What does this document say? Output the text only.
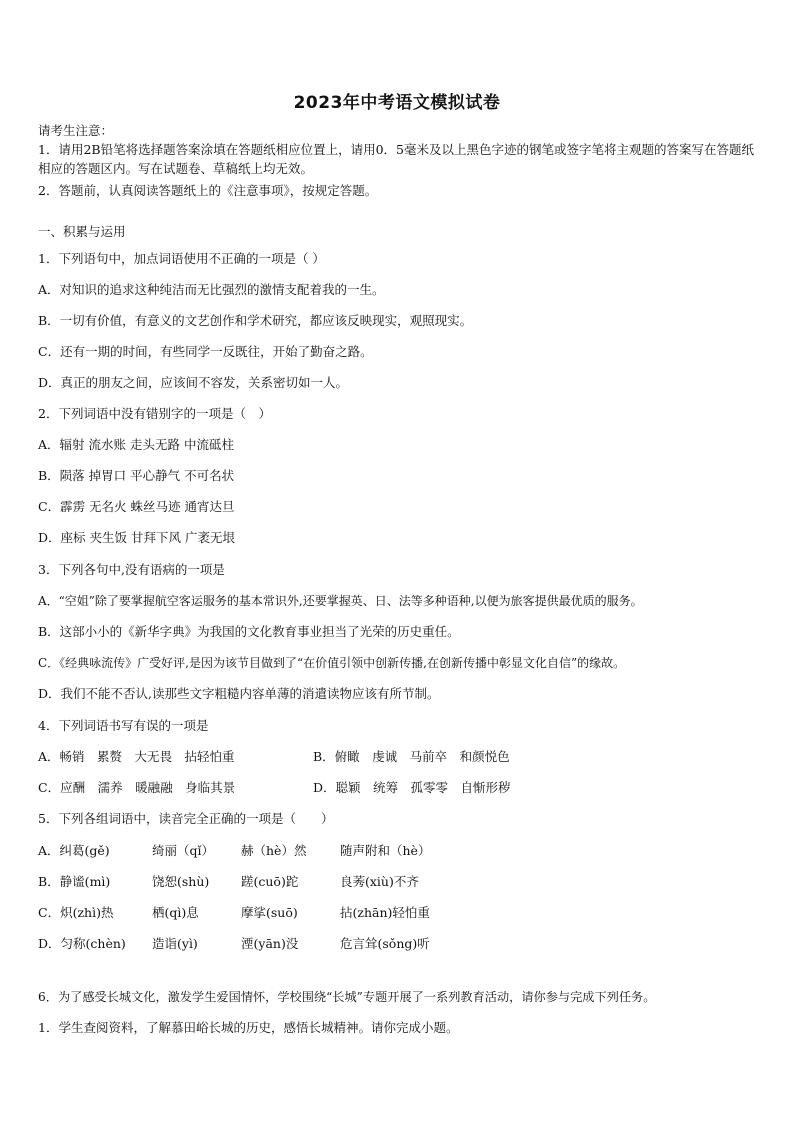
2023年中考语文模拟试卷
请考生注意：
1．请用2B铅笔将选择题答案涂填在答题纸相应位置上，请用0．5毫米及以上黑色字迹的钢笔或签字笔将主观题的答案写在答题纸相应的答题区内。写在试题卷、草稿纸上均无效。
2．答题前，认真阅读答题纸上的《注意事项》，按规定答题。
一、积累与运用
1．下列语句中，加点词语使用不正确的一项是（ ）
A．对知识的追求这种纯洁而无比强烈的激情支配着我的一生。
B．一切有价值，有意义的文艺创作和学术研究，都应该反映现实，观照现实。
C．还有一期的时间，有些同学一反既往，开始了勤奋之路。
D．真正的朋友之间，应该间不容发，关系密切如一人。
2．下列词语中没有错别字的一项是（　）
A．辐射 流水账 走头无路 中流砥柱
B．陨落 掉胃口 平心静气 不可名状
C．霹雳 无名火 蛛丝马迹 通宵达旦
D．座标 夹生饭 甘拜下风 广袤无垠
3．下列各句中,没有语病的一项是
A．“空姐”除了要掌握航空客运服务的基本常识外,还要掌握英、日、法等多种语种,以便为旅客提供最优质的服务。
B．这部小小的《新华字典》为我国的文化教育事业担当了光荣的历史重任。
C．《经典咏流传》广受好评,是因为该节目做到了“在价值引领中创新传播,在创新传播中彰显文化自信”的缘故。
D．我们不能不否认,读那些文字粗糙内容单薄的消遣读物应该有所节制。
4．下列词语书写有误的一项是
A．畅销　累赘　大无畏　拈轻怕重	B．俯瞰　虔诚　马前卒　和颜悦色
C．应酬　濡养　暖融融　身临其景	D．聪颖　统筹　孤零零　自惭形秽
5．下列各组词语中，读音完全正确的一项是（　　）
A．纠葛(gě)	绮丽（qǐ） 赫（hè）然	随声附和（hè）
B．静谧(mì)	饶恕(shù)	蹉(cuō)跎	良莠(xiù)不齐
C．炽(zhì)热	栖(qì)息	摩挲(suō)	拈(zhān)轻怕重
D．匀称(chèn) 造诣(yì)	湮(yān)没	危言耸(sǒng)听
6．为了感受长城文化，激发学生爱国情怀，学校围绕“长城”专题开展了一系列教育活动，请你参与完成下列任务。
1．学生查阅资料，了解慕田峪长城的历史，感悟长城精神。请你完成小题。
